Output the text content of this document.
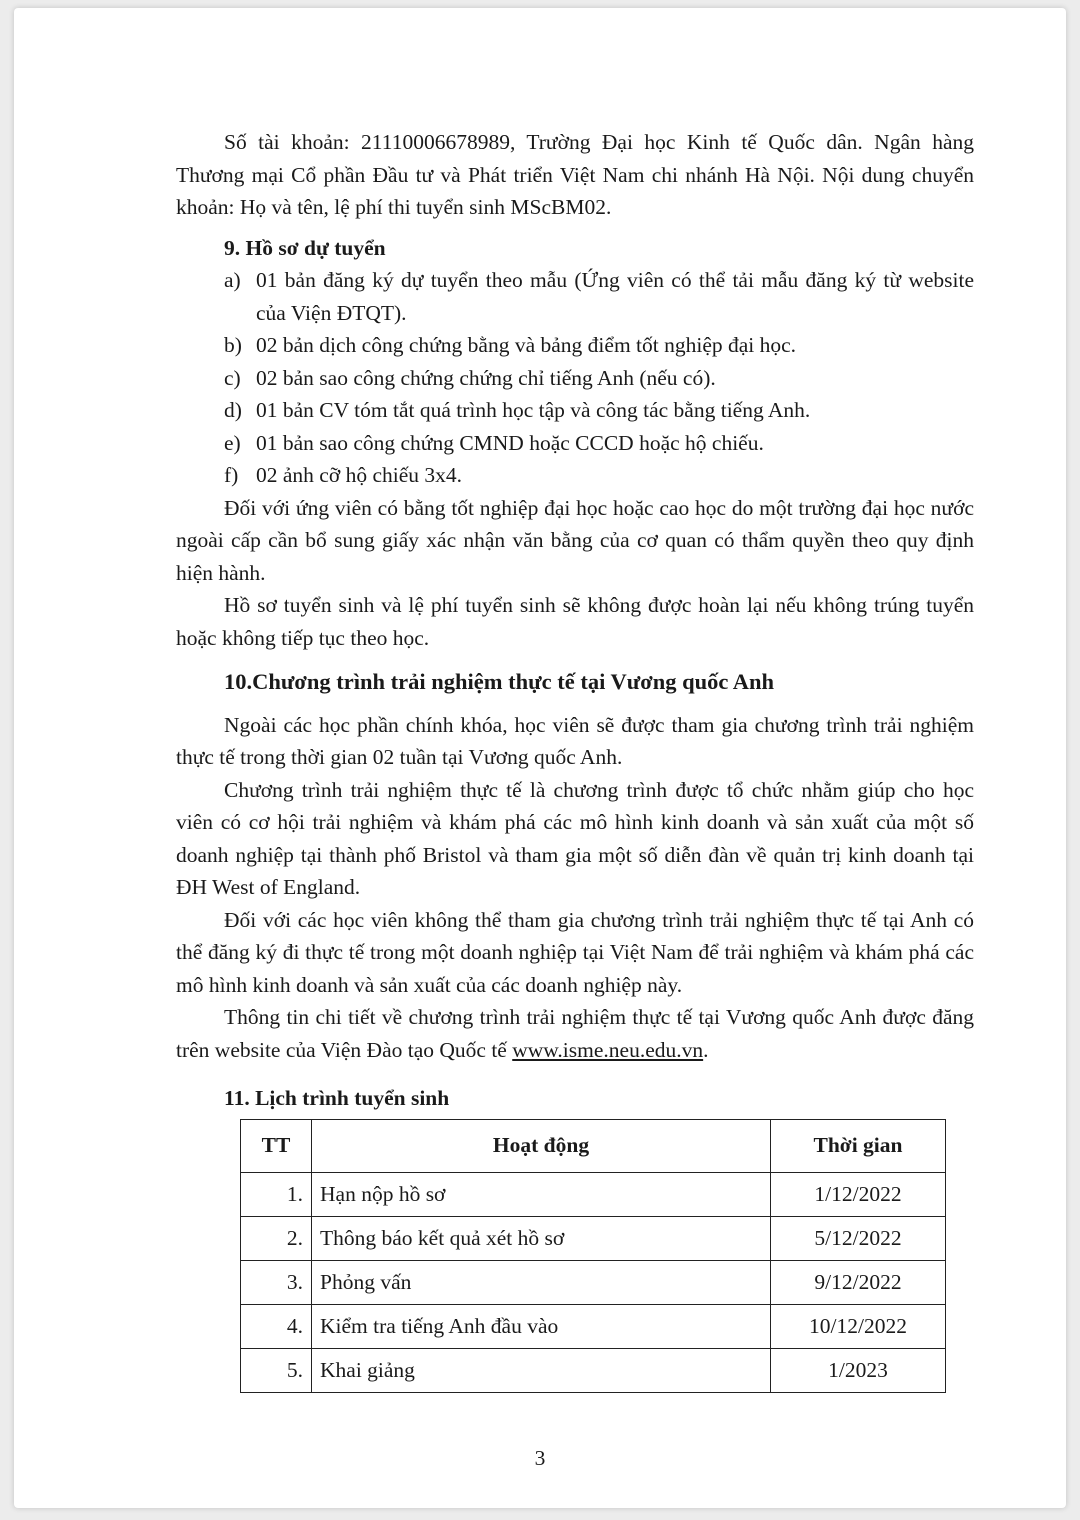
Số tài khoản: 21110006678989, Trường Đại học Kinh tế Quốc dân. Ngân hàng Thương mại Cổ phần Đầu tư và Phát triển Việt Nam chi nhánh Hà Nội. Nội dung chuyển khoản: Họ và tên, lệ phí thi tuyển sinh MScBM02.

9. Hồ sơ dự tuyển

a) 01 bản đăng ký dự tuyển theo mẫu (Ứng viên có thể tải mẫu đăng ký từ website của Viện ĐTQT).
b) 02 bản dịch công chứng bằng và bảng điểm tốt nghiệp đại học.
c) 02 bản sao công chứng chứng chỉ tiếng Anh (nếu có).
d) 01 bản CV tóm tắt quá trình học tập và công tác bằng tiếng Anh.
e) 01 bản sao công chứng CMND hoặc CCCD hoặc hộ chiếu.
f) 02 ảnh cỡ hộ chiếu 3x4.

Đối với ứng viên có bằng tốt nghiệp đại học hoặc cao học do một trường đại học nước ngoài cấp cần bổ sung giấy xác nhận văn bằng của cơ quan có thẩm quyền theo quy định hiện hành.

Hồ sơ tuyển sinh và lệ phí tuyển sinh sẽ không được hoàn lại nếu không trúng tuyển hoặc không tiếp tục theo học.

10.Chương trình trải nghiệm thực tế tại Vương quốc Anh

Ngoài các học phần chính khóa, học viên sẽ được tham gia chương trình trải nghiệm thực tế trong thời gian 02 tuần tại Vương quốc Anh.

Chương trình trải nghiệm thực tế là chương trình được tổ chức nhằm giúp cho học viên có cơ hội trải nghiệm và khám phá các mô hình kinh doanh và sản xuất của một số doanh nghiệp tại thành phố Bristol và tham gia một số diễn đàn về quản trị kinh doanh tại ĐH West of England.

Đối với các học viên không thể tham gia chương trình trải nghiệm thực tế tại Anh có thể đăng ký đi thực tế trong một doanh nghiệp tại Việt Nam để trải nghiệm và khám phá các mô hình kinh doanh và sản xuất của các doanh nghiệp này.

Thông tin chi tiết về chương trình trải nghiệm thực tế tại Vương quốc Anh được đăng trên website của Viện Đào tạo Quốc tế www.isme.neu.edu.vn.

11. Lịch trình tuyển sinh

TT	Hoạt động	Thời gian
1.	Hạn nộp hồ sơ	1/12/2022
2.	Thông báo kết quả xét hồ sơ	5/12/2022
3.	Phỏng vấn	9/12/2022
4.	Kiểm tra tiếng Anh đầu vào	10/12/2022
5.	Khai giảng	1/2023
3
